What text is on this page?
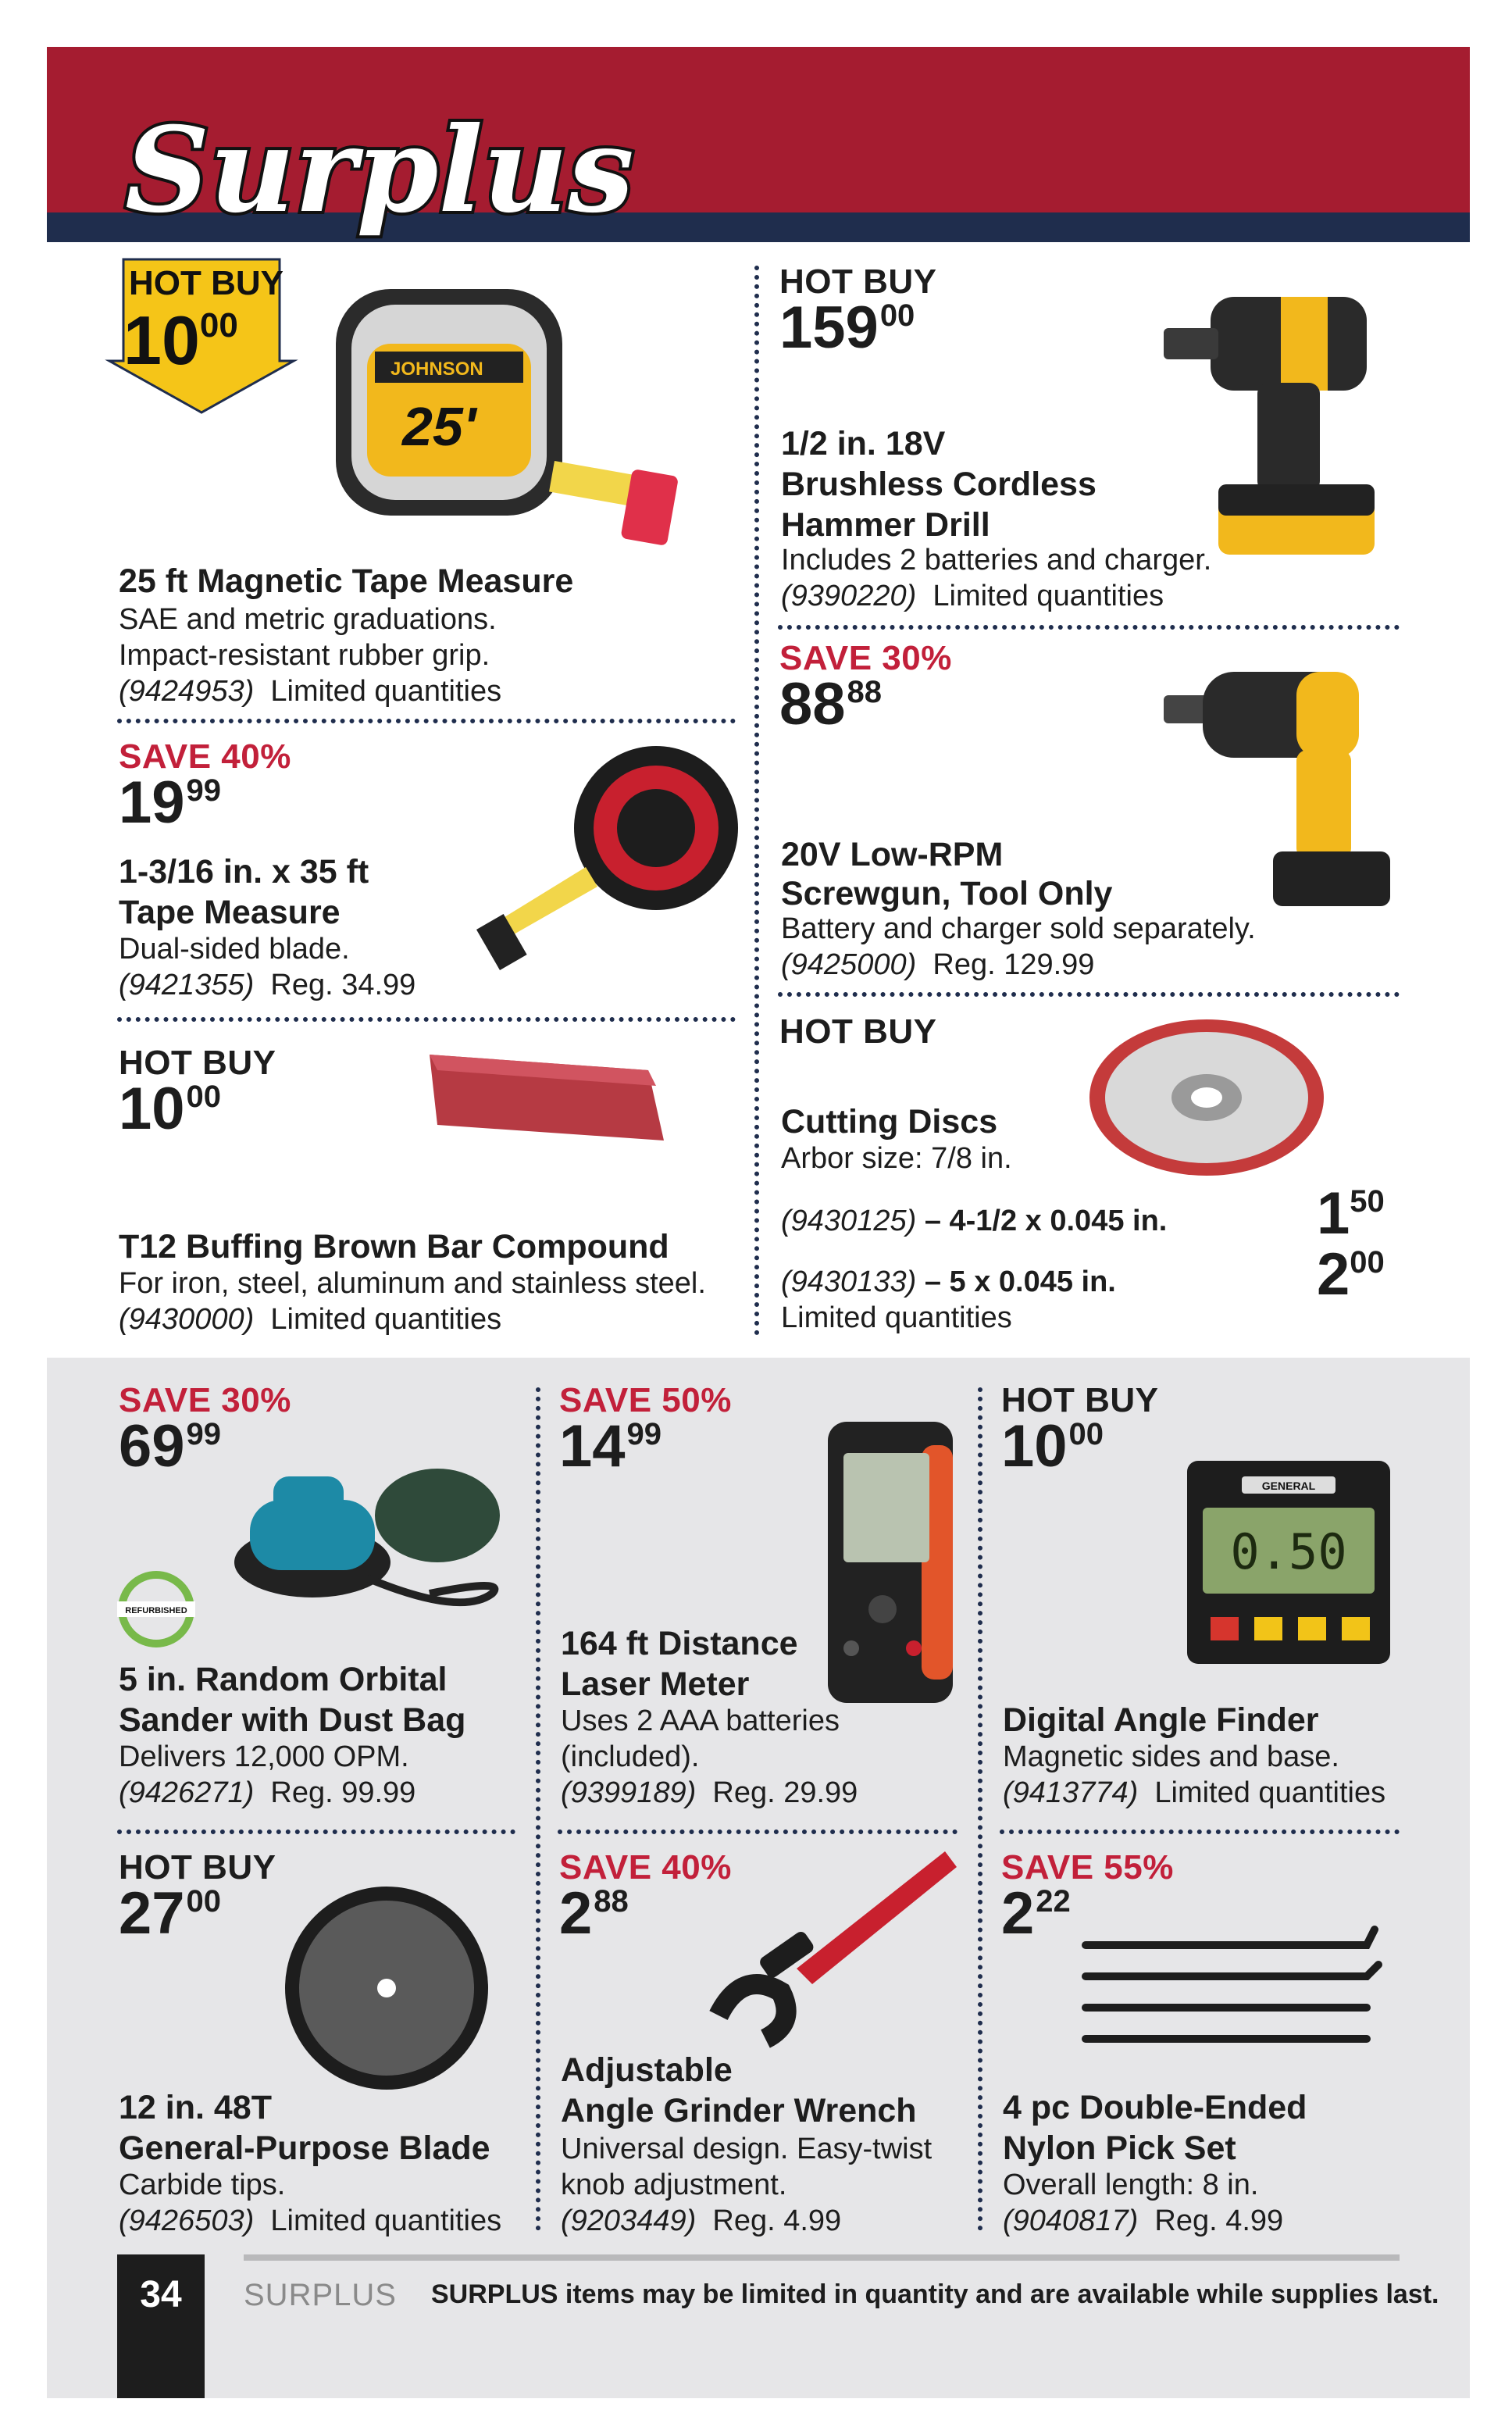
Surplus
HOT BUY
10 00
JOHNSON
25'
25 ft Magnetic Tape Measure
SAE and metric graduations.
Impact-resistant rubber grip.
(9424953) Limited quantities
HOT BUY
159 00
1/2 in. 18V
Brushless Cordless
Hammer Drill
Includes 2 batteries and charger.
(9390220) Limited quantities
SAVE 40%
19 99
1-3/16 in. x 35 ft
Tape Measure
Dual-sided blade.
(9421355) Reg. 34.99
SAVE 30%
88 88
20V Low-RPM
Screwgun, Tool Only
Battery and charger sold separately.
(9425000) Reg. 129.99
HOT BUY
10 00
T12 Buffing Brown Bar Compound
For iron, steel, aluminum and stainless steel.
(9430000) Limited quantities
HOT BUY
Cutting Discs
Arbor size: 7/8 in.
(9430125) – 4-1/2 x 0.045 in.
(9430133) – 5 x 0.045 in.
Limited quantities
1 50
2 00
SAVE 30%
69 99
REFURBISHED
5 in. Random Orbital
Sander with Dust Bag
Delivers 12,000 OPM.
(9426271) Reg. 99.99
SAVE 50%
14 99
164 ft Distance
Laser Meter
Uses 2 AAA batteries
(included).
(9399189) Reg. 29.99
HOT BUY
10 00
GENERAL
0.50
Digital Angle Finder
Magnetic sides and base.
(9413774) Limited quantities
HOT BUY
27 00
12 in. 48T
General-Purpose Blade
Carbide tips.
(9426503) Limited quantities
SAVE 40%
2 88
Adjustable
Angle Grinder Wrench
Universal design. Easy-twist
knob adjustment.
(9203449) Reg. 4.99
SAVE 55%
2 22
4 pc Double-Ended
Nylon Pick Set
Overall length: 8 in.
(9040817) Reg. 4.99
34	SURPLUS SURPLUS items may be limited in quantity and are available while supplies last.
